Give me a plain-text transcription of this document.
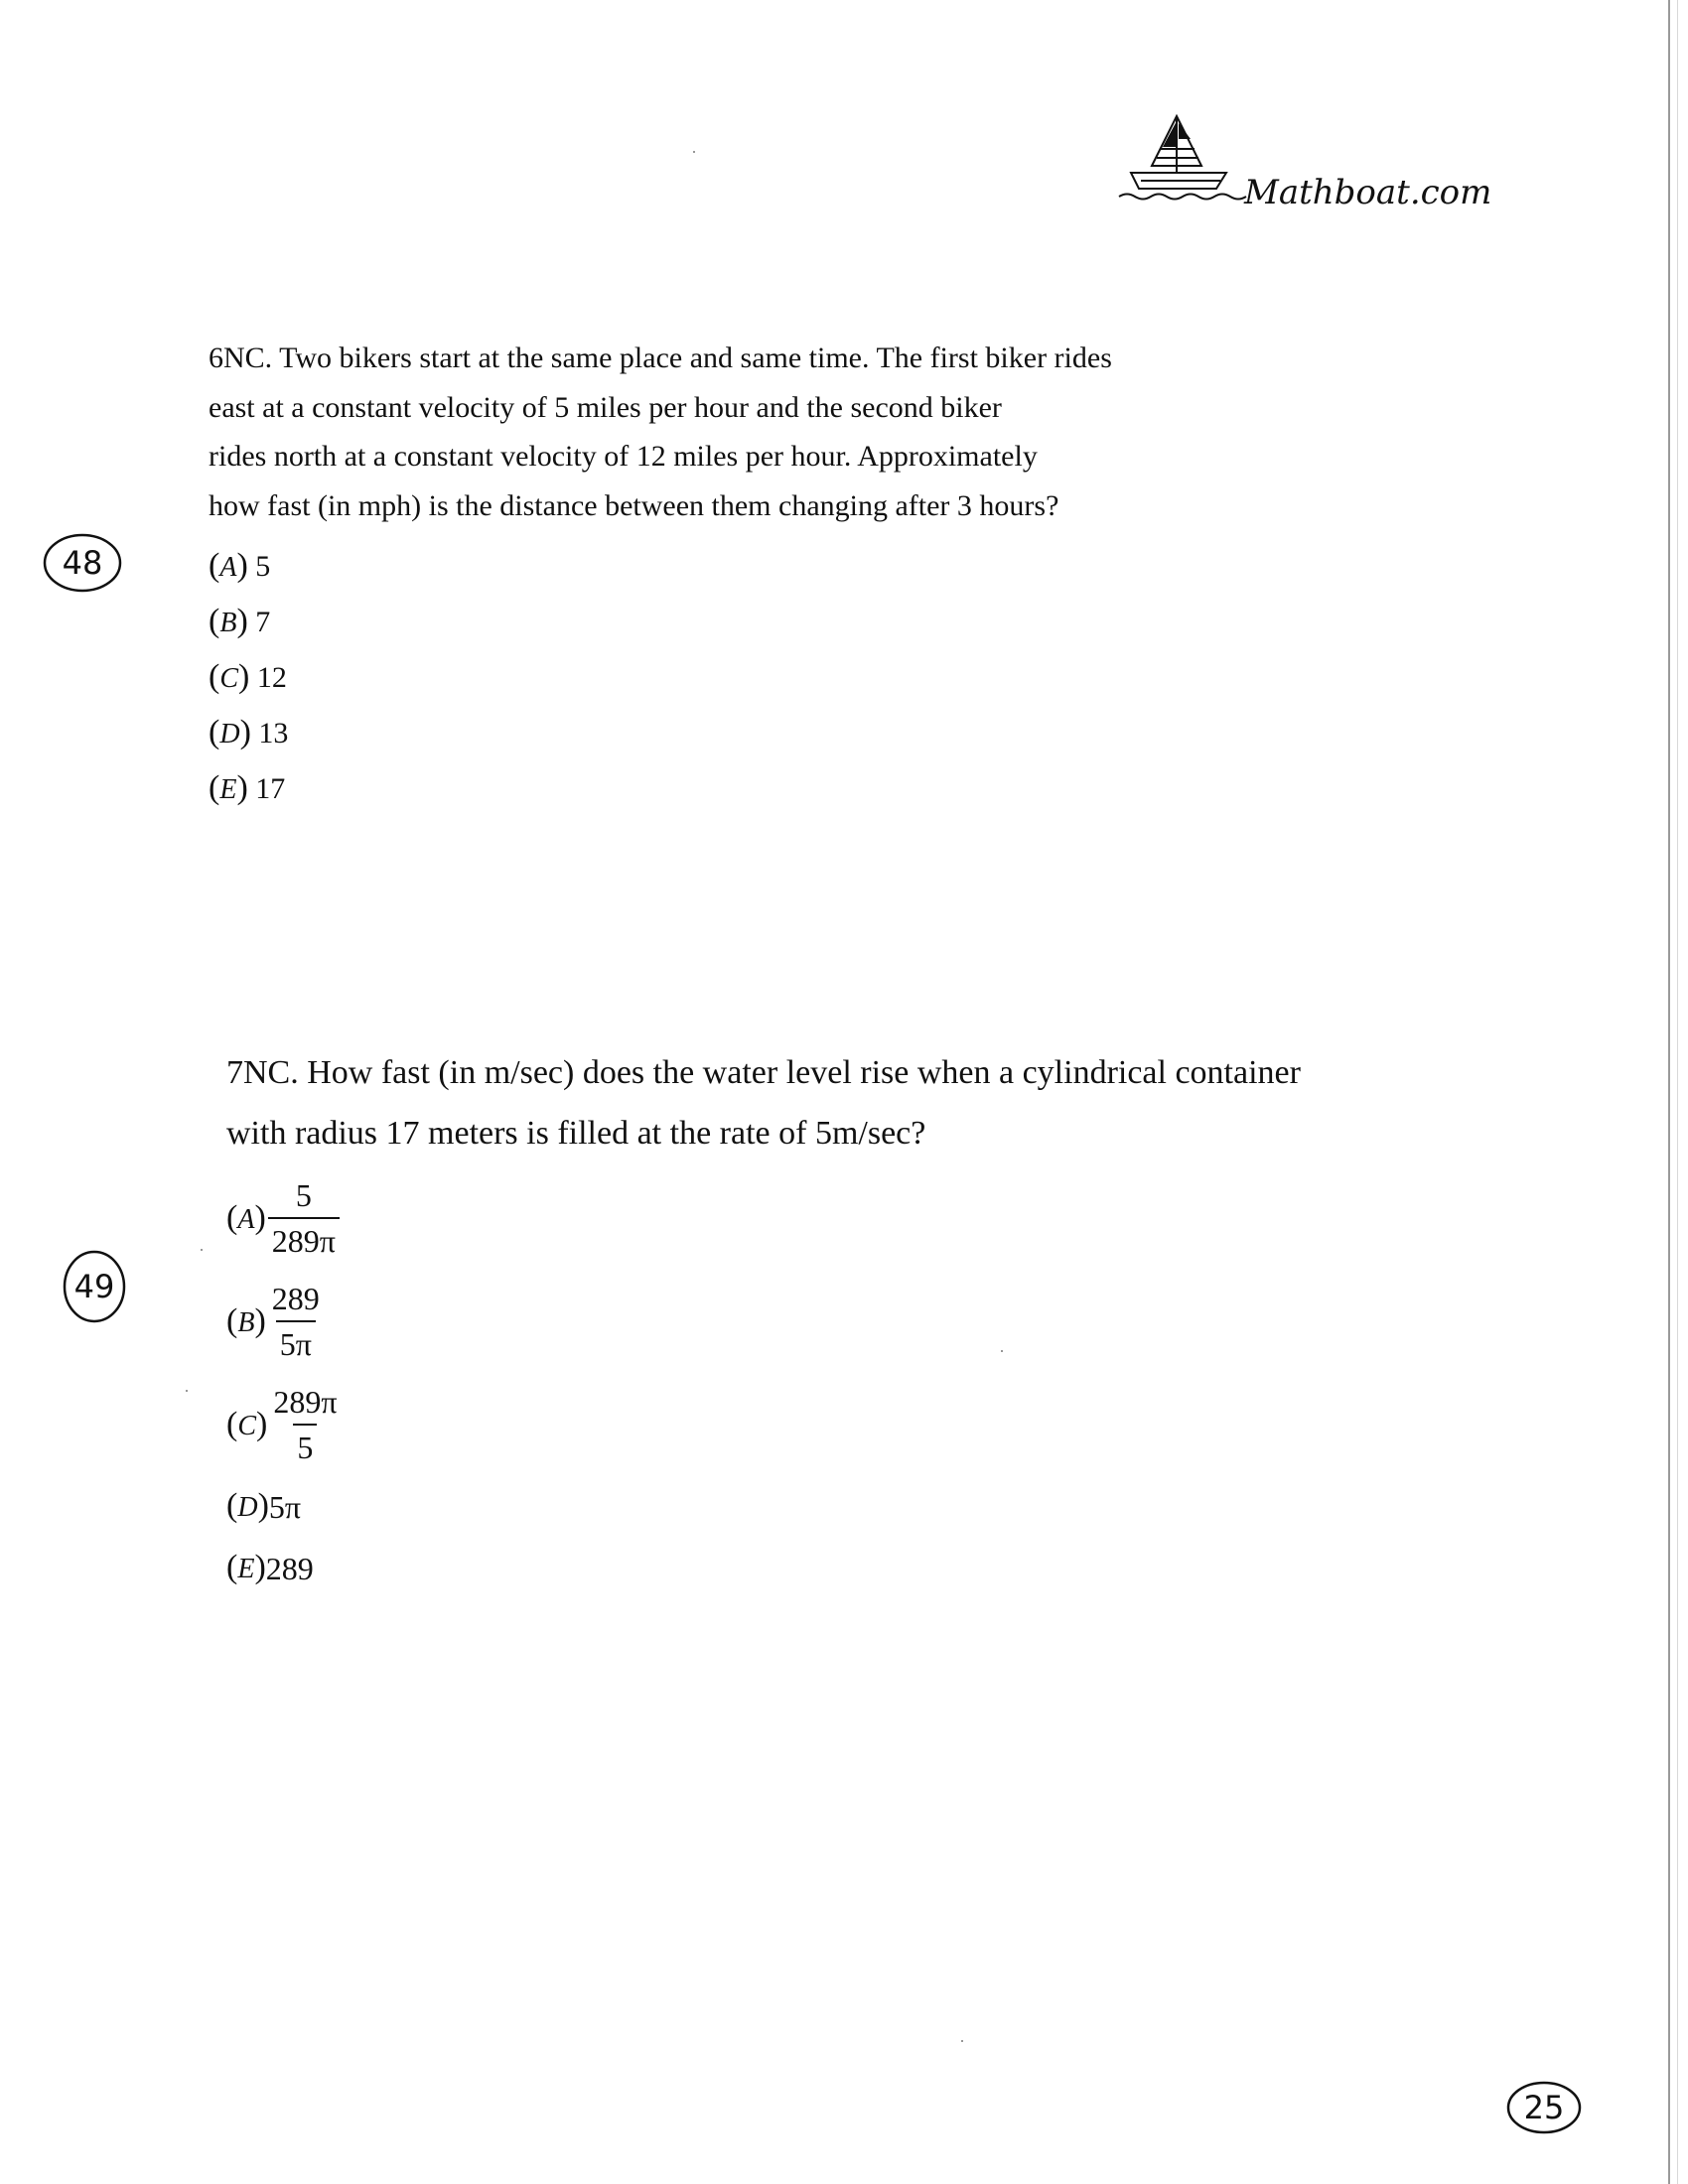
Mathboat.com

6NC. Two bikers start at the same place and same time. The first biker rides

east at a constant velocity of 5 miles per hour and the second biker

rides north at a constant velocity of 12 miles per hour. Approximately

how fast (in mph) is the distance between them changing after 3 hours?

(A) 5
(B) 7
(C) 12
(D) 13
(E) 17
48

7NC. How fast (in m/sec) does the water level rise when a cylindrical container

with radius 17 meters is filled at the rate of 5m/sec?

$(A) \frac{5}{289\pi}$
$(B) \frac{289}{5\pi}$
$(C) \frac{289\pi}{5}$
(D) 5π
(E) 289
49
25
